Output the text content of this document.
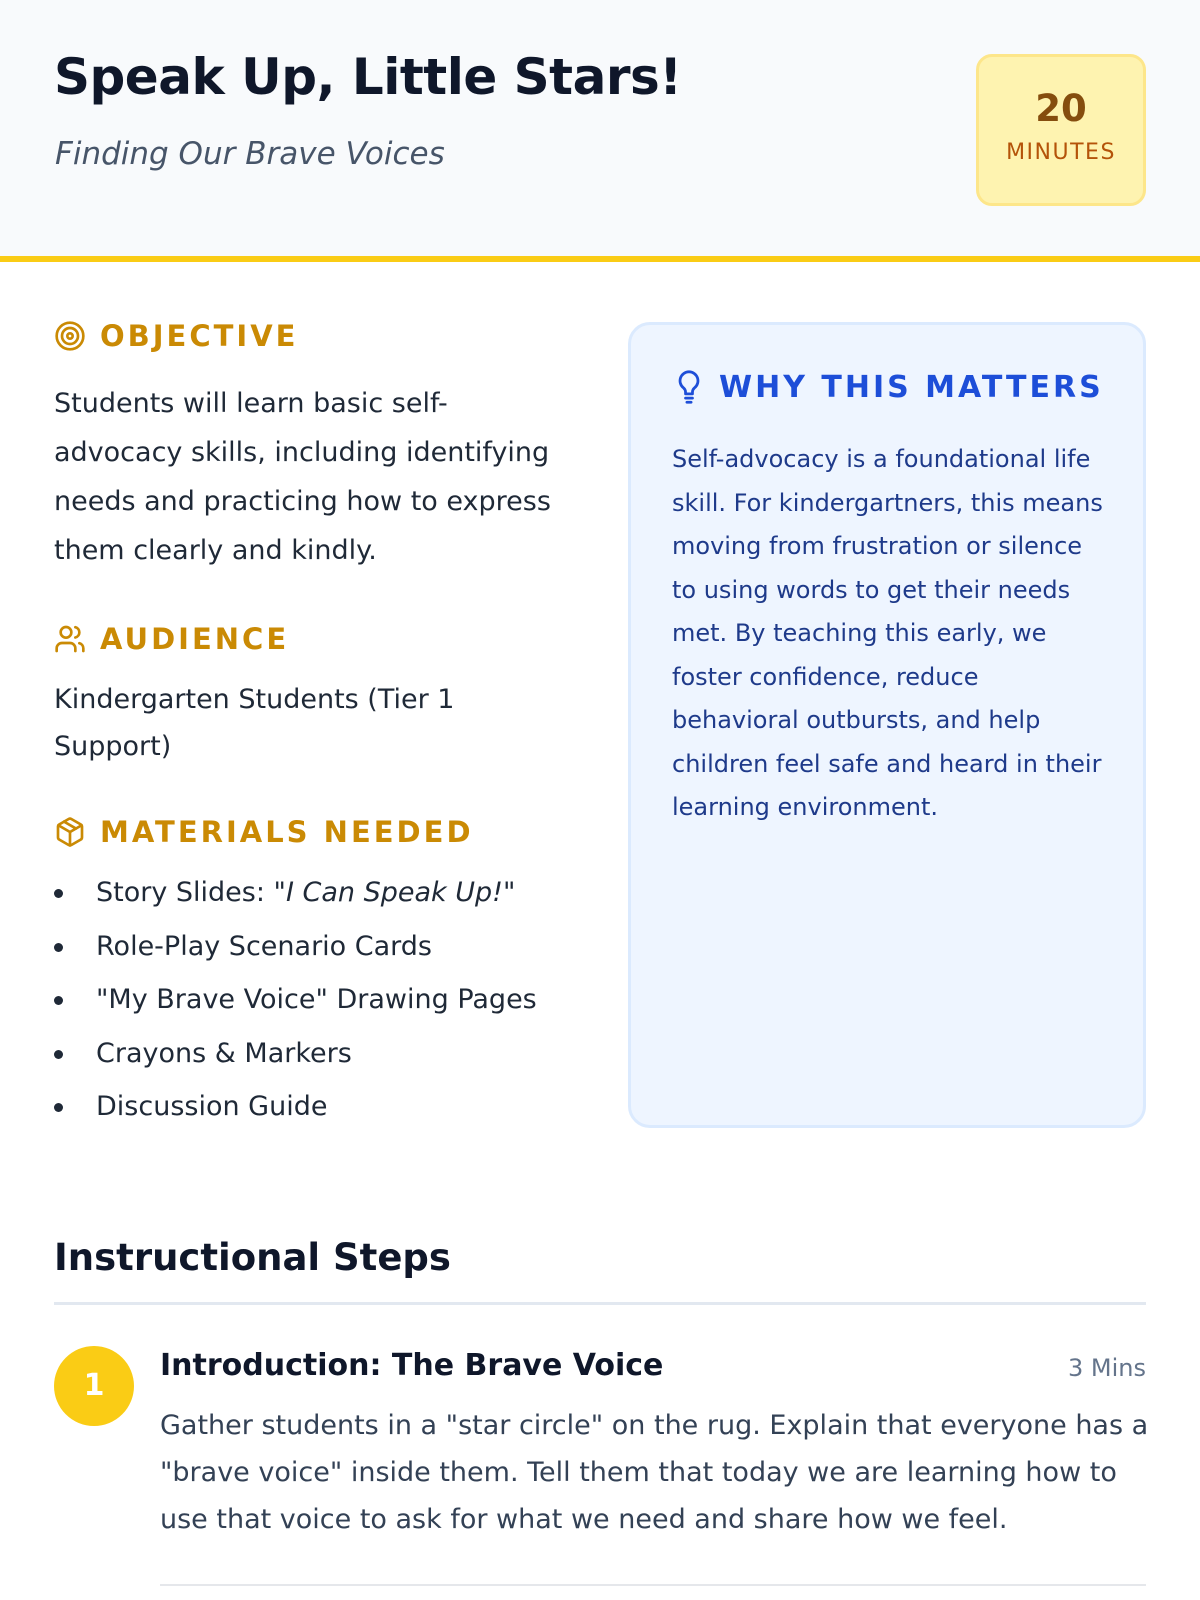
Speak Up, Little Stars!

Finding Our Brave Voices

20
MINUTES
OBJECTIVE

Students will learn basic self-advocacy skills, including identifying needs and practicing how to express them clearly and kindly.

AUDIENCE

Kindergarten Students (Tier 1 Support)

MATERIALS NEEDED
Story Slides: "I Can Speak Up!"
Role-Play Scenario Cards
"My Brave Voice" Drawing Pages
Crayons & Markers
Discussion Guide
WHY THIS MATTERS

Self-advocacy is a foundational life skill. For kindergartners, this means moving from frustration or silence to using words to get their needs met. By teaching this early, we foster confidence, reduce behavioral outbursts, and help children feel safe and heard in their learning environment.

Instructional Steps
1
Introduction: The Brave Voice	3 Mins

Gather students in a "star circle" on the rug. Explain that everyone has a "brave voice" inside them. Tell them that today we are learning how to use that voice to ask for what we need and share how we feel.
